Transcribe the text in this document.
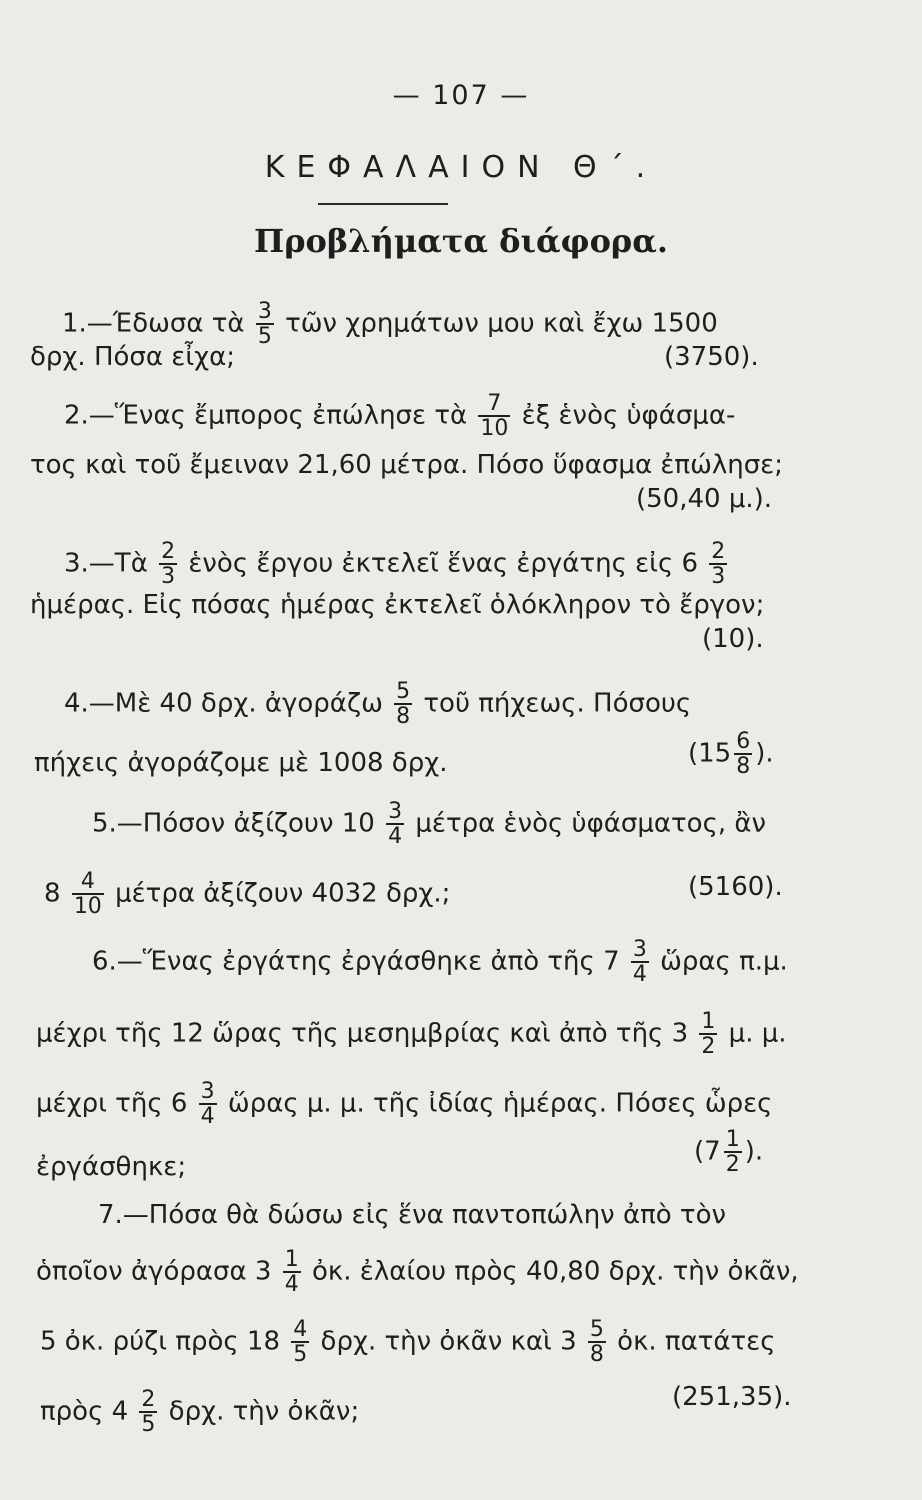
— 107 —
ΚΕΦΑΛΑΙΟΝ Θ΄.
Προβλήματα διάφορα.
1.—Έδωσα τὰ $\frac{3}{5}$ τῶν χρημάτων μου καὶ ἔχω 1500
δρχ. Πόσα εἶχα;	(3750).
2.—Ἕνας ἔμπορος ἐπώλησε τὰ $\frac{7}{10}$ ἐξ ἑνὸς ὑφάσμα-
τος καὶ τοῦ ἔμειναν 21,60 μέτρα. Πόσο ὕφασμα ἐπώλησε;
(50,40 μ.).
3.—Τὰ $\frac{2}{3}$ ἑνὸς ἔργου ἐκτελεῖ ἕνας ἐργάτης εἰς $6 \frac{2}{3}$
ἡμέρας. Εἰς πόσας ἡμέρας ἐκτελεῖ ὁλόκληρον τὸ ἔργον;
(10).
4.—Μὲ 40 δρχ. ἀγοράζω $\frac{5}{8}$ τοῦ πήχεως. Πόσους
πήχεις ἀγοράζομε μὲ 1008 δρχ.	($15 \frac{6}{8}$ ).
5.—Πόσον ἀξίζουν $10 \frac{3}{4}$ μέτρα ἑνὸς ὑφάσματος, ἂν
$8 \frac{4}{10}$ μέτρα ἀξίζουν 4032 δρχ.;	(5160).
6.—Ἕνας ἐργάτης ἐργάσθηκε ἀπὸ τῆς $7 \frac{3}{4}$ ὥρας π.μ.
μέχρι τῆς 12 ὥρας τῆς μεσημβρίας καὶ ἀπὸ τῆς $3 \frac{1}{2} \mu$. μ.
μέχρι τῆς $6 \frac{3}{4}$ ὥρας μ. μ. τῆς ἰδίας ἡμέρας. Πόσες ὧρες
ἐργάσθηκε;
($7 \frac{1}{2}$ ).
7.—Πόσα θὰ δώσω εἰς ἕνα παντοπώλην ἀπὸ τὸν
ὁποῖον ἀγόρασα $3 \frac{1}{4}$ ὀκ. ἐλαίου πρὸς 40,80 δρχ. τὴν ὀκᾶν,
5 ὀκ. ρύζι πρὸς $18 \frac{4}{5} \delta\rho\chi$. τὴν ὀκᾶν καὶ $3 \frac{5}{8}$ ὀκ. πατάτες
πρὸς $4 \frac{2}{5} \delta\rho\chi$. τὴν ὀκᾶν;	(251,35).
